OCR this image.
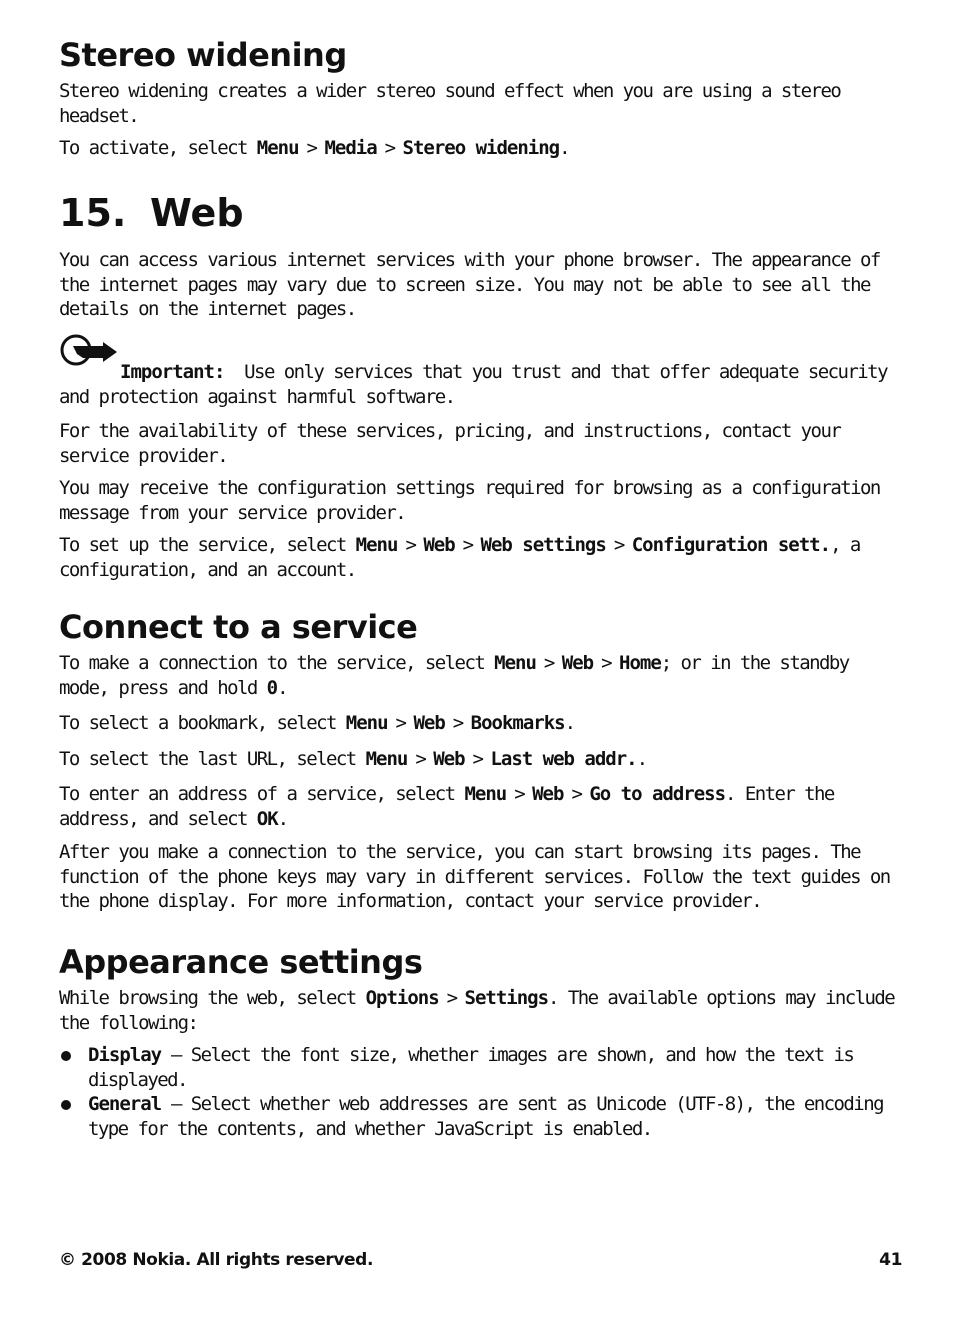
Stereo widening

Stereo widening creates a wider stereo sound effect when you are using a stereo headset.

To activate, select Menu > Media > Stereo widening.

15. Web

You can access various internet services with your phone browser. The appearance of the internet pages may vary due to screen size. You may not be able to see all the details on the internet pages.

Important: Use only services that you trust and that offer adequate security and protection against harmful software.

For the availability of these services, pricing, and instructions, contact your service provider.

You may receive the configuration settings required for browsing as a configuration message from your service provider.

To set up the service, select Menu > Web > Web settings > Configuration sett., a configuration, and an account.

Connect to a service

To make a connection to the service, select Menu > Web > Home; or in the standby mode, press and hold 0.

To select a bookmark, select Menu > Web > Bookmarks.

To select the last URL, select Menu > Web > Last web addr..

To enter an address of a service, select Menu > Web > Go to address. Enter the address, and select OK.

After you make a connection to the service, you can start browsing its pages. The function of the phone keys may vary in different services. Follow the text guides on the phone display. For more information, contact your service provider.

Appearance settings

While browsing the web, select Options > Settings. The available options may include the following:

Display — Select the font size, whether images are shown, and how the text is displayed.
General — Select whether web addresses are sent as Unicode (UTF-8), the encoding type for the contents, and whether JavaScript is enabled.
© 2008 Nokia. All rights reserved.	41
